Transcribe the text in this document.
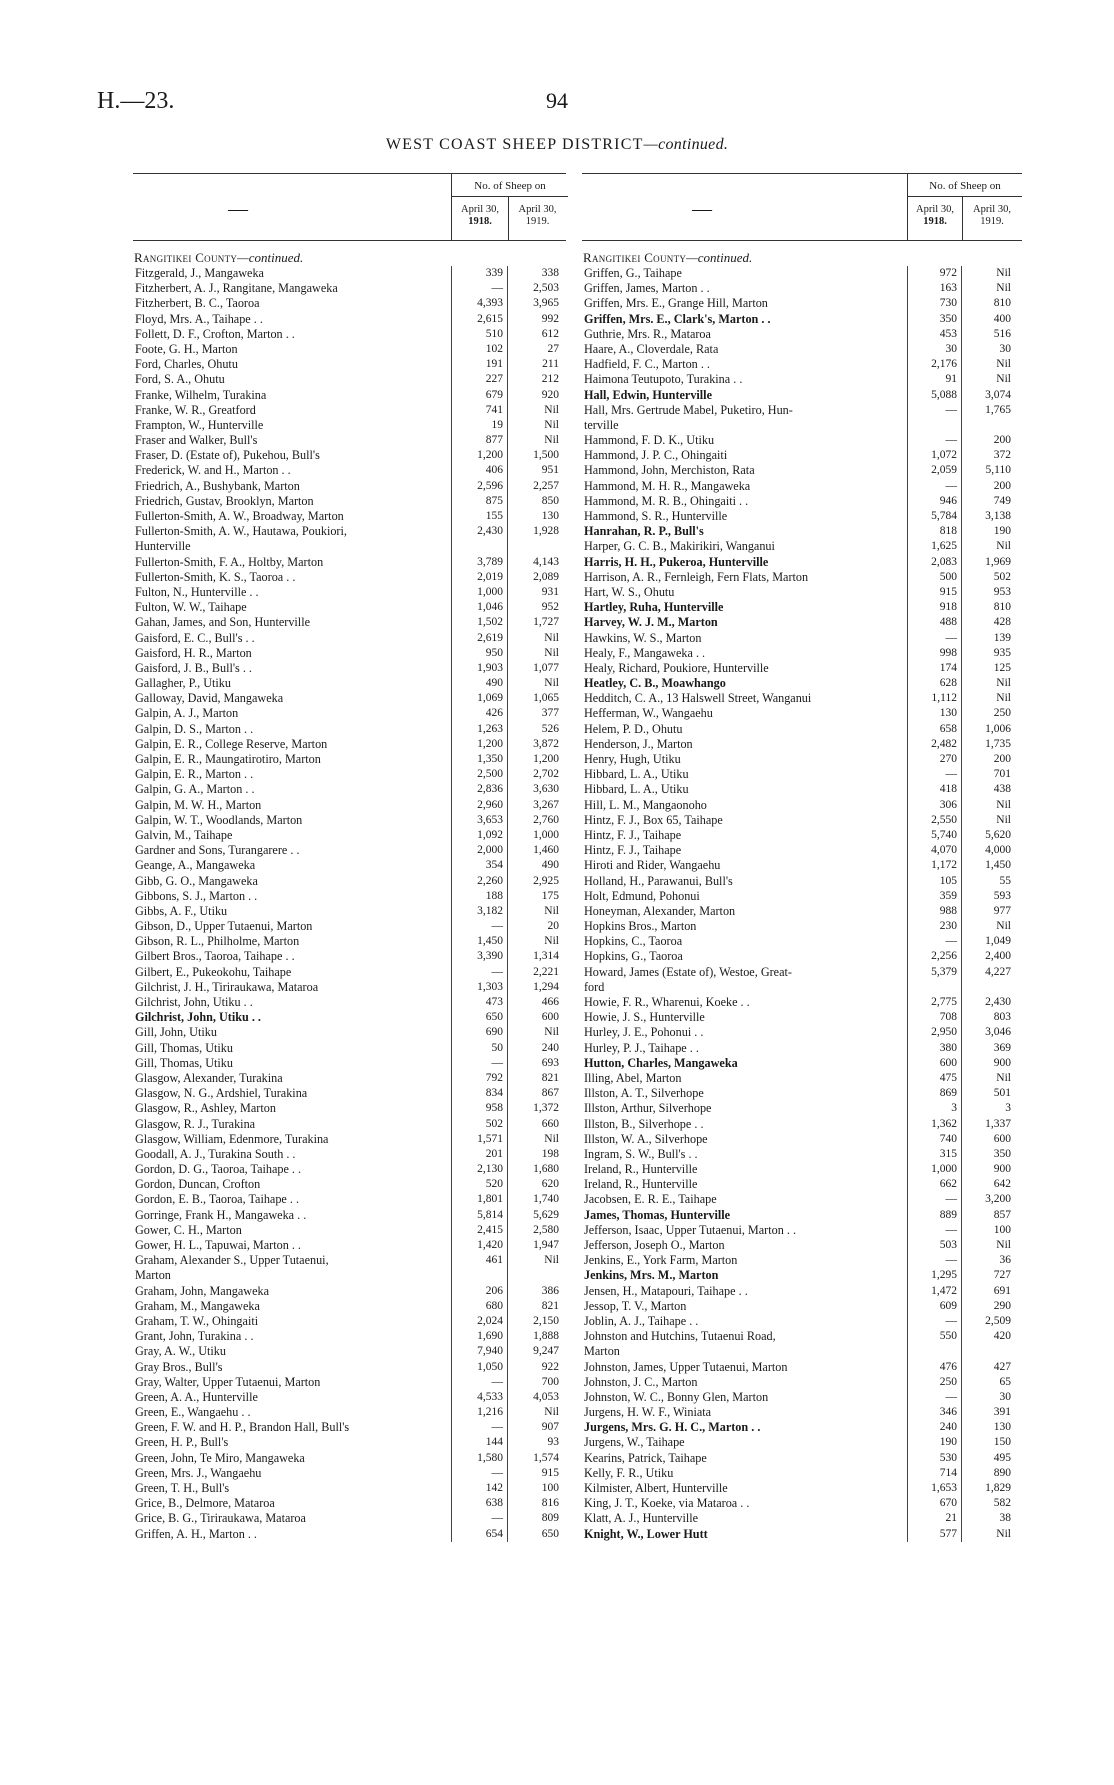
H.—23.	94
WEST COAST SHEEP DISTRICT—continued.
—
No. of Sheep on
April 30,
1918.
April 30,
1919.
Rangitikei County—continued.
Fitzgerald, J., Mangaweka	339	338
Fitzherbert, A. J., Rangitane, Mangaweka	—	2,503
Fitzherbert, B. C., Taoroa	4,393	3,965
Floyd, Mrs. A., Taihape . .	2,615	992
Follett, D. F., Crofton, Marton . .	510	612
Foote, G. H., Marton	102	27
Ford, Charles, Ohutu	191	211
Ford, S. A., Ohutu	227	212
Franke, Wilhelm, Turakina	679	920
Franke, W. R., Greatford	741	Nil
Frampton, W., Hunterville	19	Nil
Fraser and Walker, Bull's	877	Nil
Fraser, D. (Estate of), Pukehou, Bull's	1,200	1,500
Frederick, W. and H., Marton . .	406	951
Friedrich, A., Bushybank, Marton	2,596	2,257
Friedrich, Gustav, Brooklyn, Marton	875	850
Fullerton-Smith, A. W., Broadway, Marton	155	130
Fullerton-Smith, A. W., Hautawa, Poukiori,	2,430	1,928
Hunterville
Fullerton-Smith, F. A., Holtby, Marton	3,789	4,143
Fullerton-Smith, K. S., Taoroa . .	2,019	2,089
Fulton, N., Hunterville . .	1,000	931
Fulton, W. W., Taihape	1,046	952
Gahan, James, and Son, Hunterville	1,502	1,727
Gaisford, E. C., Bull's . .	2,619	Nil
Gaisford, H. R., Marton	950	Nil
Gaisford, J. B., Bull's . .	1,903	1,077
Gallagher, P., Utiku	490	Nil
Galloway, David, Mangaweka	1,069	1,065
Galpin, A. J., Marton	426	377
Galpin, D. S., Marton . .	1,263	526
Galpin, E. R., College Reserve, Marton	1,200	3,872
Galpin, E. R., Maungatirotiro, Marton	1,350	1,200
Galpin, E. R., Marton . .	2,500	2,702
Galpin, G. A., Marton . .	2,836	3,630
Galpin, M. W. H., Marton	2,960	3,267
Galpin, W. T., Woodlands, Marton	3,653	2,760
Galvin, M., Taihape	1,092	1,000
Gardner and Sons, Turangarere . .	2,000	1,460
Geange, A., Mangaweka	354	490
Gibb, G. O., Mangaweka	2,260	2,925
Gibbons, S. J., Marton . .	188	175
Gibbs, A. F., Utiku	3,182	Nil
Gibson, D., Upper Tutaenui, Marton	—	20
Gibson, R. L., Philholme, Marton	1,450	Nil
Gilbert Bros., Taoroa, Taihape . .	3,390	1,314
Gilbert, E., Pukeokohu, Taihape	—	2,221
Gilchrist, J. H., Tiriraukawa, Mataroa	1,303	1,294
Gilchrist, John, Utiku . .	473	466
Gilchrist, John, Utiku . .	650	600
Gill, John, Utiku	690	Nil
Gill, Thomas, Utiku	50	240
Gill, Thomas, Utiku	—	693
Glasgow, Alexander, Turakina	792	821
Glasgow, N. G., Ardshiel, Turakina	834	867
Glasgow, R., Ashley, Marton	958	1,372
Glasgow, R. J., Turakina	502	660
Glasgow, William, Edenmore, Turakina	1,571	Nil
Goodall, A. J., Turakina South . .	201	198
Gordon, D. G., Taoroa, Taihape . .	2,130	1,680
Gordon, Duncan, Crofton	520	620
Gordon, E. B., Taoroa, Taihape . .	1,801	1,740
Gorringe, Frank H., Mangaweka . .	5,814	5,629
Gower, C. H., Marton	2,415	2,580
Gower, H. L., Tapuwai, Marton . .	1,420	1,947
Graham, Alexander S., Upper Tutaenui,	461	Nil
Marton
Graham, John, Mangaweka	206	386
Graham, M., Mangaweka	680	821
Graham, T. W., Ohingaiti	2,024	2,150
Grant, John, Turakina . .	1,690	1,888
Gray, A. W., Utiku	7,940	9,247
Gray Bros., Bull's	1,050	922
Gray, Walter, Upper Tutaenui, Marton	—	700
Green, A. A., Hunterville	4,533	4,053
Green, E., Wangaehu . .	1,216	Nil
Green, F. W. and H. P., Brandon Hall, Bull's	—	907
Green, H. P., Bull's	144	93
Green, John, Te Miro, Mangaweka	1,580	1,574
Green, Mrs. J., Wangaehu	—	915
Green, T. H., Bull's	142	100
Grice, B., Delmore, Mataroa	638	816
Grice, B. G., Tiriraukawa, Mataroa	—	809
Griffen, A. H., Marton . .	654	650
—
No. of Sheep on
April 30,
1918.
April 30,
1919.
Rangitikei County—continued.
Griffen, G., Taihape	972	Nil
Griffen, James, Marton . .	163	Nil
Griffen, Mrs. E., Grange Hill, Marton	730	810
Griffen, Mrs. E., Clark's, Marton . .	350	400
Guthrie, Mrs. R., Mataroa	453	516
Haare, A., Cloverdale, Rata	30	30
Hadfield, F. C., Marton . .	2,176	Nil
Haimona Teutupoto, Turakina . .	91	Nil
Hall, Edwin, Hunterville	5,088	3,074
Hall, Mrs. Gertrude Mabel, Puketiro, Hun-	—	1,765
terville
Hammond, F. D. K., Utiku	—	200
Hammond, J. P. C., Ohingaiti	1,072	372
Hammond, John, Merchiston, Rata	2,059	5,110
Hammond, M. H. R., Mangaweka	—	200
Hammond, M. R. B., Ohingaiti . .	946	749
Hammond, S. R., Hunterville	5,784	3,138
Hanrahan, R. P., Bull's	818	190
Harper, G. C. B., Makirikiri, Wanganui	1,625	Nil
Harris, H. H., Pukeroa, Hunterville	2,083	1,969
Harrison, A. R., Fernleigh, Fern Flats, Marton	500	502
Hart, W. S., Ohutu	915	953
Hartley, Ruha, Hunterville	918	810
Harvey, W. J. M., Marton	488	428
Hawkins, W. S., Marton	—	139
Healy, F., Mangaweka . .	998	935
Healy, Richard, Poukiore, Hunterville	174	125
Heatley, C. B., Moawhango	628	Nil
Hedditch, C. A., 13 Halswell Street, Wanganui	1,112	Nil
Hefferman, W., Wangaehu	130	250
Helem, P. D., Ohutu	658	1,006
Henderson, J., Marton	2,482	1,735
Henry, Hugh, Utiku	270	200
Hibbard, L. A., Utiku	—	701
Hibbard, L. A., Utiku	418	438
Hill, L. M., Mangaonoho	306	Nil
Hintz, F. J., Box 65, Taihape	2,550	Nil
Hintz, F. J., Taihape	5,740	5,620
Hintz, F. J., Taihape	4,070	4,000
Hiroti and Rider, Wangaehu	1,172	1,450
Holland, H., Parawanui, Bull's	105	55
Holt, Edmund, Pohonui	359	593
Honeyman, Alexander, Marton	988	977
Hopkins Bros., Marton	230	Nil
Hopkins, C., Taoroa	—	1,049
Hopkins, G., Taoroa	2,256	2,400
Howard, James (Estate of), Westoe, Great-	5,379	4,227
ford
Howie, F. R., Wharenui, Koeke . .	2,775	2,430
Howie, J. S., Hunterville	708	803
Hurley, J. E., Pohonui . .	2,950	3,046
Hurley, P. J., Taihape . .	380	369
Hutton, Charles, Mangaweka	600	900
Illing, Abel, Marton	475	Nil
Illston, A. T., Silverhope	869	501
Illston, Arthur, Silverhope	3	3
Illston, B., Silverhope . .	1,362	1,337
Illston, W. A., Silverhope	740	600
Ingram, S. W., Bull's . .	315	350
Ireland, R., Hunterville	1,000	900
Ireland, R., Hunterville	662	642
Jacobsen, E. R. E., Taihape	—	3,200
James, Thomas, Hunterville	889	857
Jefferson, Isaac, Upper Tutaenui, Marton . .	—	100
Jefferson, Joseph O., Marton	503	Nil
Jenkins, E., York Farm, Marton	—	36
Jenkins, Mrs. M., Marton	1,295	727
Jensen, H., Matapouri, Taihape . .	1,472	691
Jessop, T. V., Marton	609	290
Joblin, A. J., Taihape . .	—	2,509
Johnston and Hutchins, Tutaenui Road,	550	420
Marton
Johnston, James, Upper Tutaenui, Marton	476	427
Johnston, J. C., Marton	250	65
Johnston, W. C., Bonny Glen, Marton	—	30
Jurgens, H. W. F., Winiata	346	391
Jurgens, Mrs. G. H. C., Marton . .	240	130
Jurgens, W., Taihape	190	150
Kearins, Patrick, Taihape	530	495
Kelly, F. R., Utiku	714	890
Kilmister, Albert, Hunterville	1,653	1,829
King, J. T., Koeke, via Mataroa . .	670	582
Klatt, A. J., Hunterville	21	38
Knight, W., Lower Hutt	577	Nil
